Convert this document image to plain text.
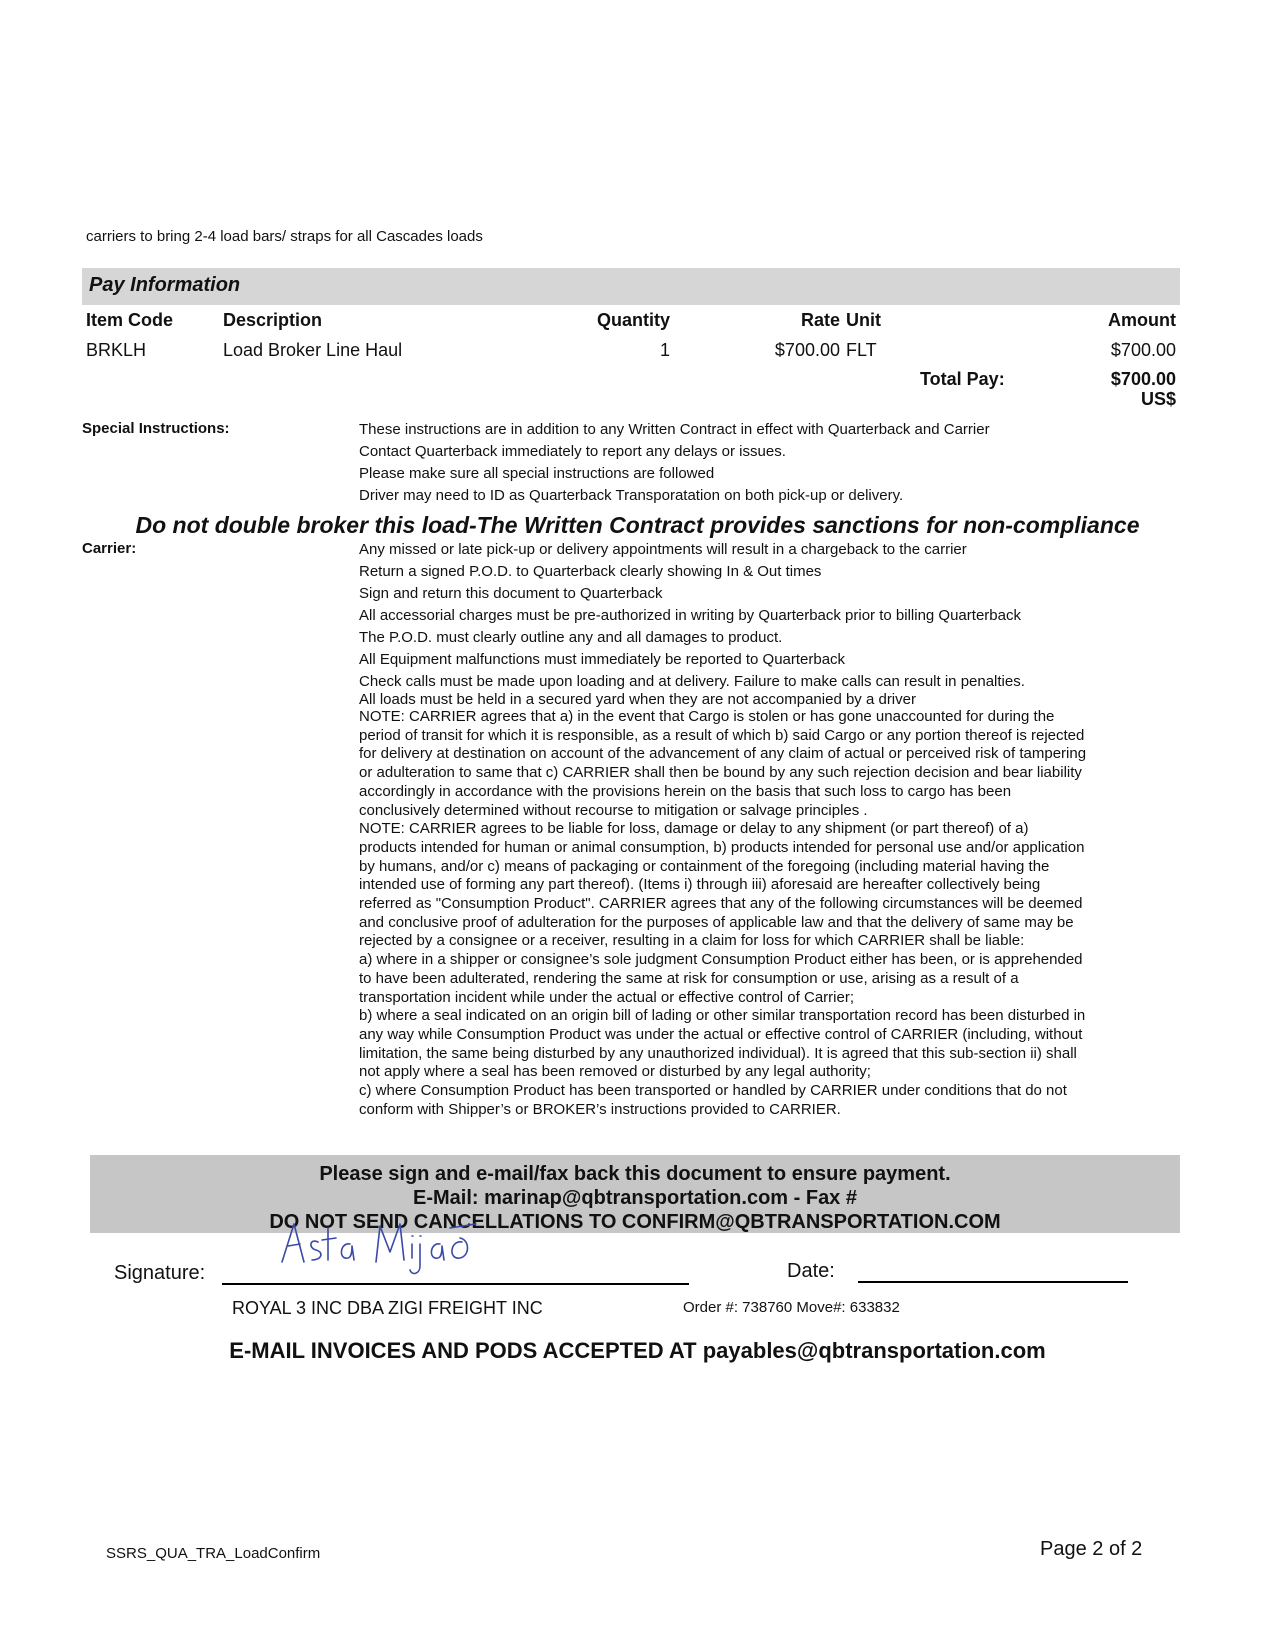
carriers to bring 2-4 load bars/ straps for all Cascades loads
Pay Information
Item Code	Description	Quantity	Rate Unit	Amount
BRKLH	Load Broker Line Haul	1	$700.00 FLT	$700.00
Total Pay:	$700.00
US$
Special Instructions:	These instructions are in addition to any Written Contract in effect with Quarterback and Carrier
Contact Quarterback immediately to report any delays or issues.
Please make sure all special instructions are followed
Driver may need to ID as Quarterback Transporatation on both pick-up or delivery.
Do not double broker this load-The Written Contract provides sanctions for non-compliance
Carrier:	Any missed or late pick-up or delivery appointments will result in a chargeback to the carrier
Return a signed P.O.D. to Quarterback clearly showing In & Out times
Sign and return this document to Quarterback
All accessorial charges must be pre-authorized in writing by Quarterback prior to billing Quarterback
The P.O.D. must clearly outline any and all damages to product.
All Equipment malfunctions must immediately be reported to Quarterback
Check calls must be made upon loading and at delivery. Failure to make calls can result in penalties.
All loads must be held in a secured yard when they are not accompanied by a driver

NOTE: CARRIER agrees that a) in the event that Cargo is stolen or has gone unaccounted for during the

period of transit for which it is responsible, as a result of which b) said Cargo or any portion thereof is rejected

for delivery at destination on account of the advancement of any claim of actual or perceived risk of tampering

or adulteration to same that c) CARRIER shall then be bound by any such rejection decision and bear liability

accordingly in accordance with the provisions herein on the basis that such loss to cargo has been

conclusively determined without recourse to mitigation or salvage principles .

NOTE: CARRIER agrees to be liable for loss, damage or delay to any shipment (or part thereof) of a)

products intended for human or animal consumption, b) products intended for personal use and/or application

by humans, and/or c) means of packaging or containment of the foregoing (including material having the

intended use of forming any part thereof). (Items i) through iii) aforesaid are hereafter collectively being

referred as "Consumption Product". CARRIER agrees that any of the following circumstances will be deemed

and conclusive proof of adulteration for the purposes of applicable law and that the delivery of same may be

rejected by a consignee or a receiver, resulting in a claim for loss for which CARRIER shall be liable:

a) where in a shipper or consignee’s sole judgment Consumption Product either has been, or is apprehended

to have been adulterated, rendering the same at risk for consumption or use, arising as a result of a

transportation incident while under the actual or effective control of Carrier;

b) where a seal indicated on an origin bill of lading or other similar transportation record has been disturbed in

any way while Consumption Product was under the actual or effective control of CARRIER (including, without

limitation, the same being disturbed by any unauthorized individual). It is agreed that this sub-section ii) shall

not apply where a seal has been removed or disturbed by any legal authority;

c) where Consumption Product has been transported or handled by CARRIER under conditions that do not

conform with Shipper’s or BROKER’s instructions provided to CARRIER.

Please sign and e-mail/fax back this document to ensure payment.
E-Mail: marinap@qbtransportation.com - Fax #
DO NOT SEND CANCELLATIONS TO CONFIRM@QBTRANSPORTATION.COM
Signature:	Date:
ROYAL 3 INC DBA ZIGI FREIGHT INC	Order #: 738760 Move#: 633832
E-MAIL INVOICES AND PODS ACCEPTED AT payables@qbtransportation.com
SSRS_QUA_TRA_LoadConfirm	Page 2 of 2
